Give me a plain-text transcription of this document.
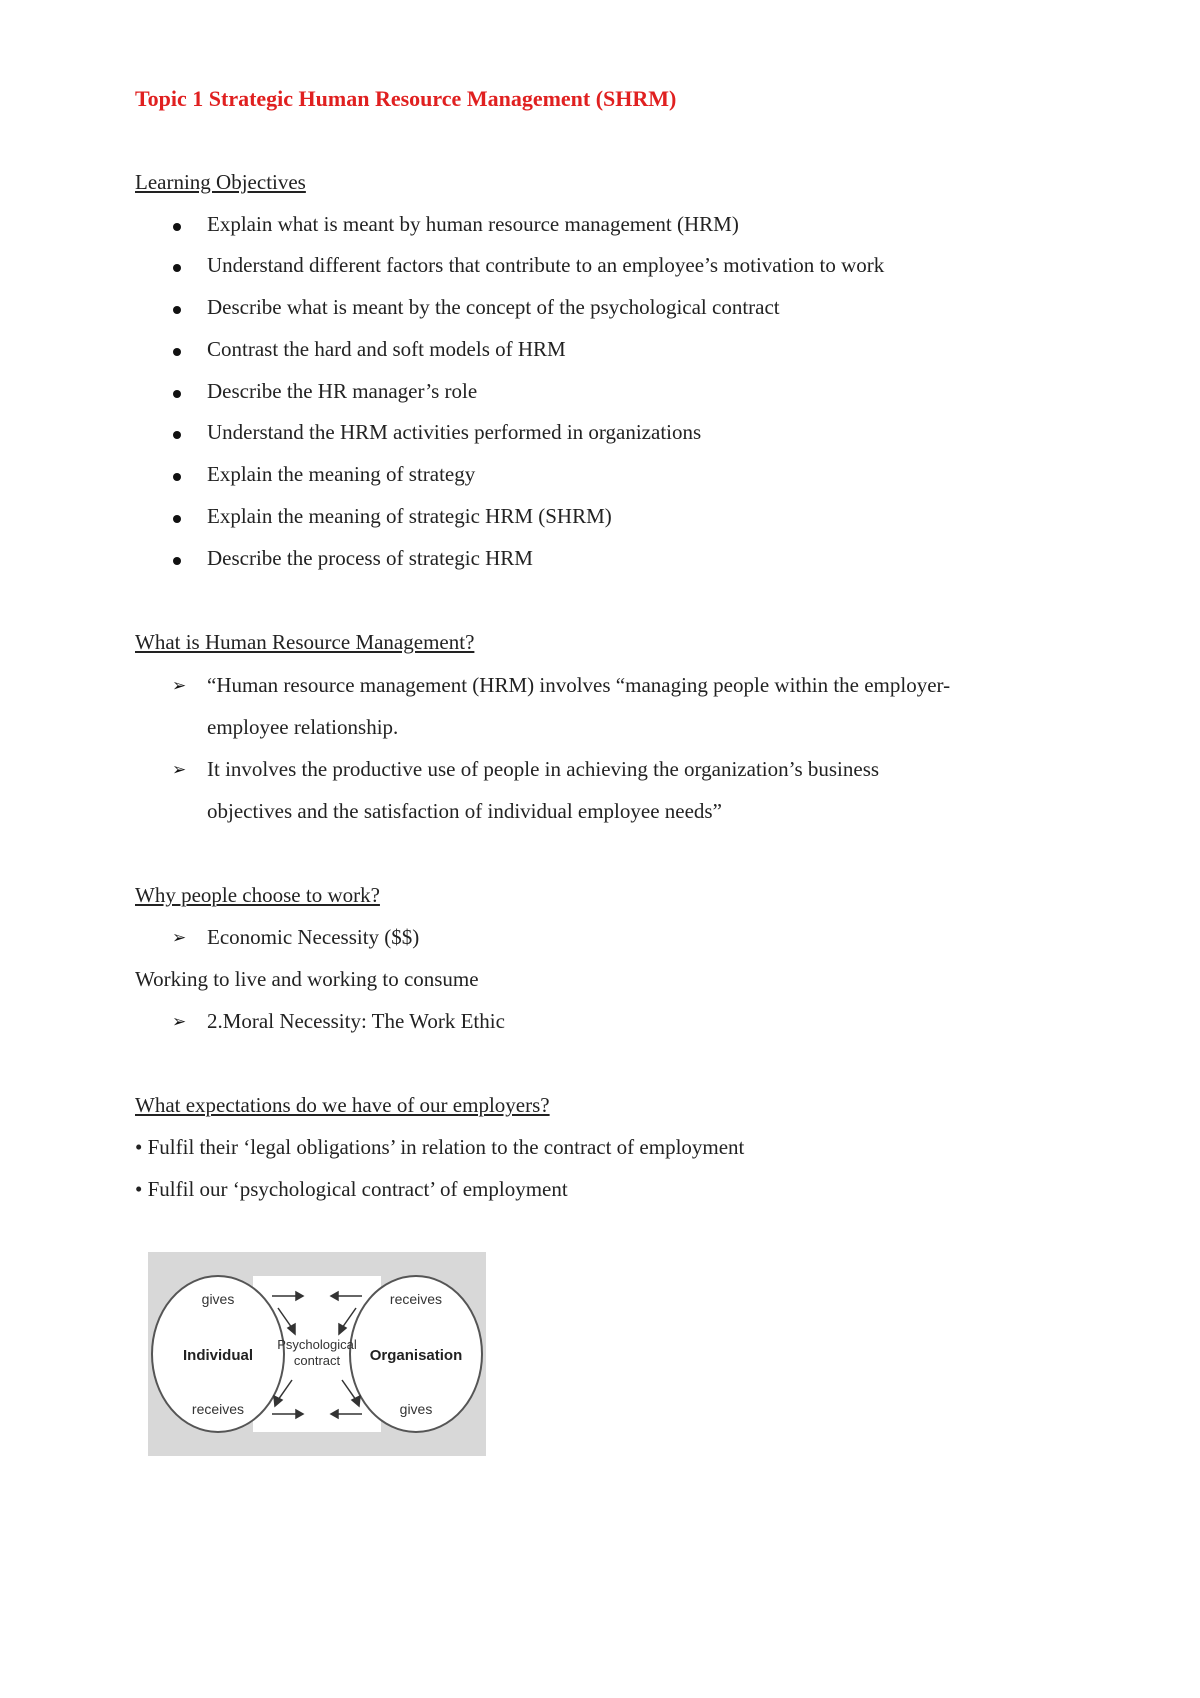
Topic 1 Strategic Human Resource Management (SHRM)
Learning Objectives
Explain what is meant by human resource management (HRM)
Understand different factors that contribute to an employee’s motivation to work
Describe what is meant by the concept of the psychological contract
Contrast the hard and soft models of HRM
Describe the HR manager’s role
Understand the HRM activities performed in organizations
Explain the meaning of strategy
Explain the meaning of strategic HRM (SHRM)
Describe the process of strategic HRM
What is Human Resource Management?
➢ “Human resource management (HRM) involves “managing people within the employer-
employee relationship.
➢ It involves the productive use of people in achieving the organization’s business
objectives and the satisfaction of individual employee needs”
Why people choose to work?
➢ Economic Necessity ($$)
Working to live and working to consume
➢ 2.Moral Necessity: The Work Ethic
What expectations do we have of our employers?
• Fulfil their ‘legal obligations’ in relation to the contract of employment
• Fulfil our ‘psychological contract’ of employment
gives
Individual
receives
Psychological
contract
receives
Organisation
gives
